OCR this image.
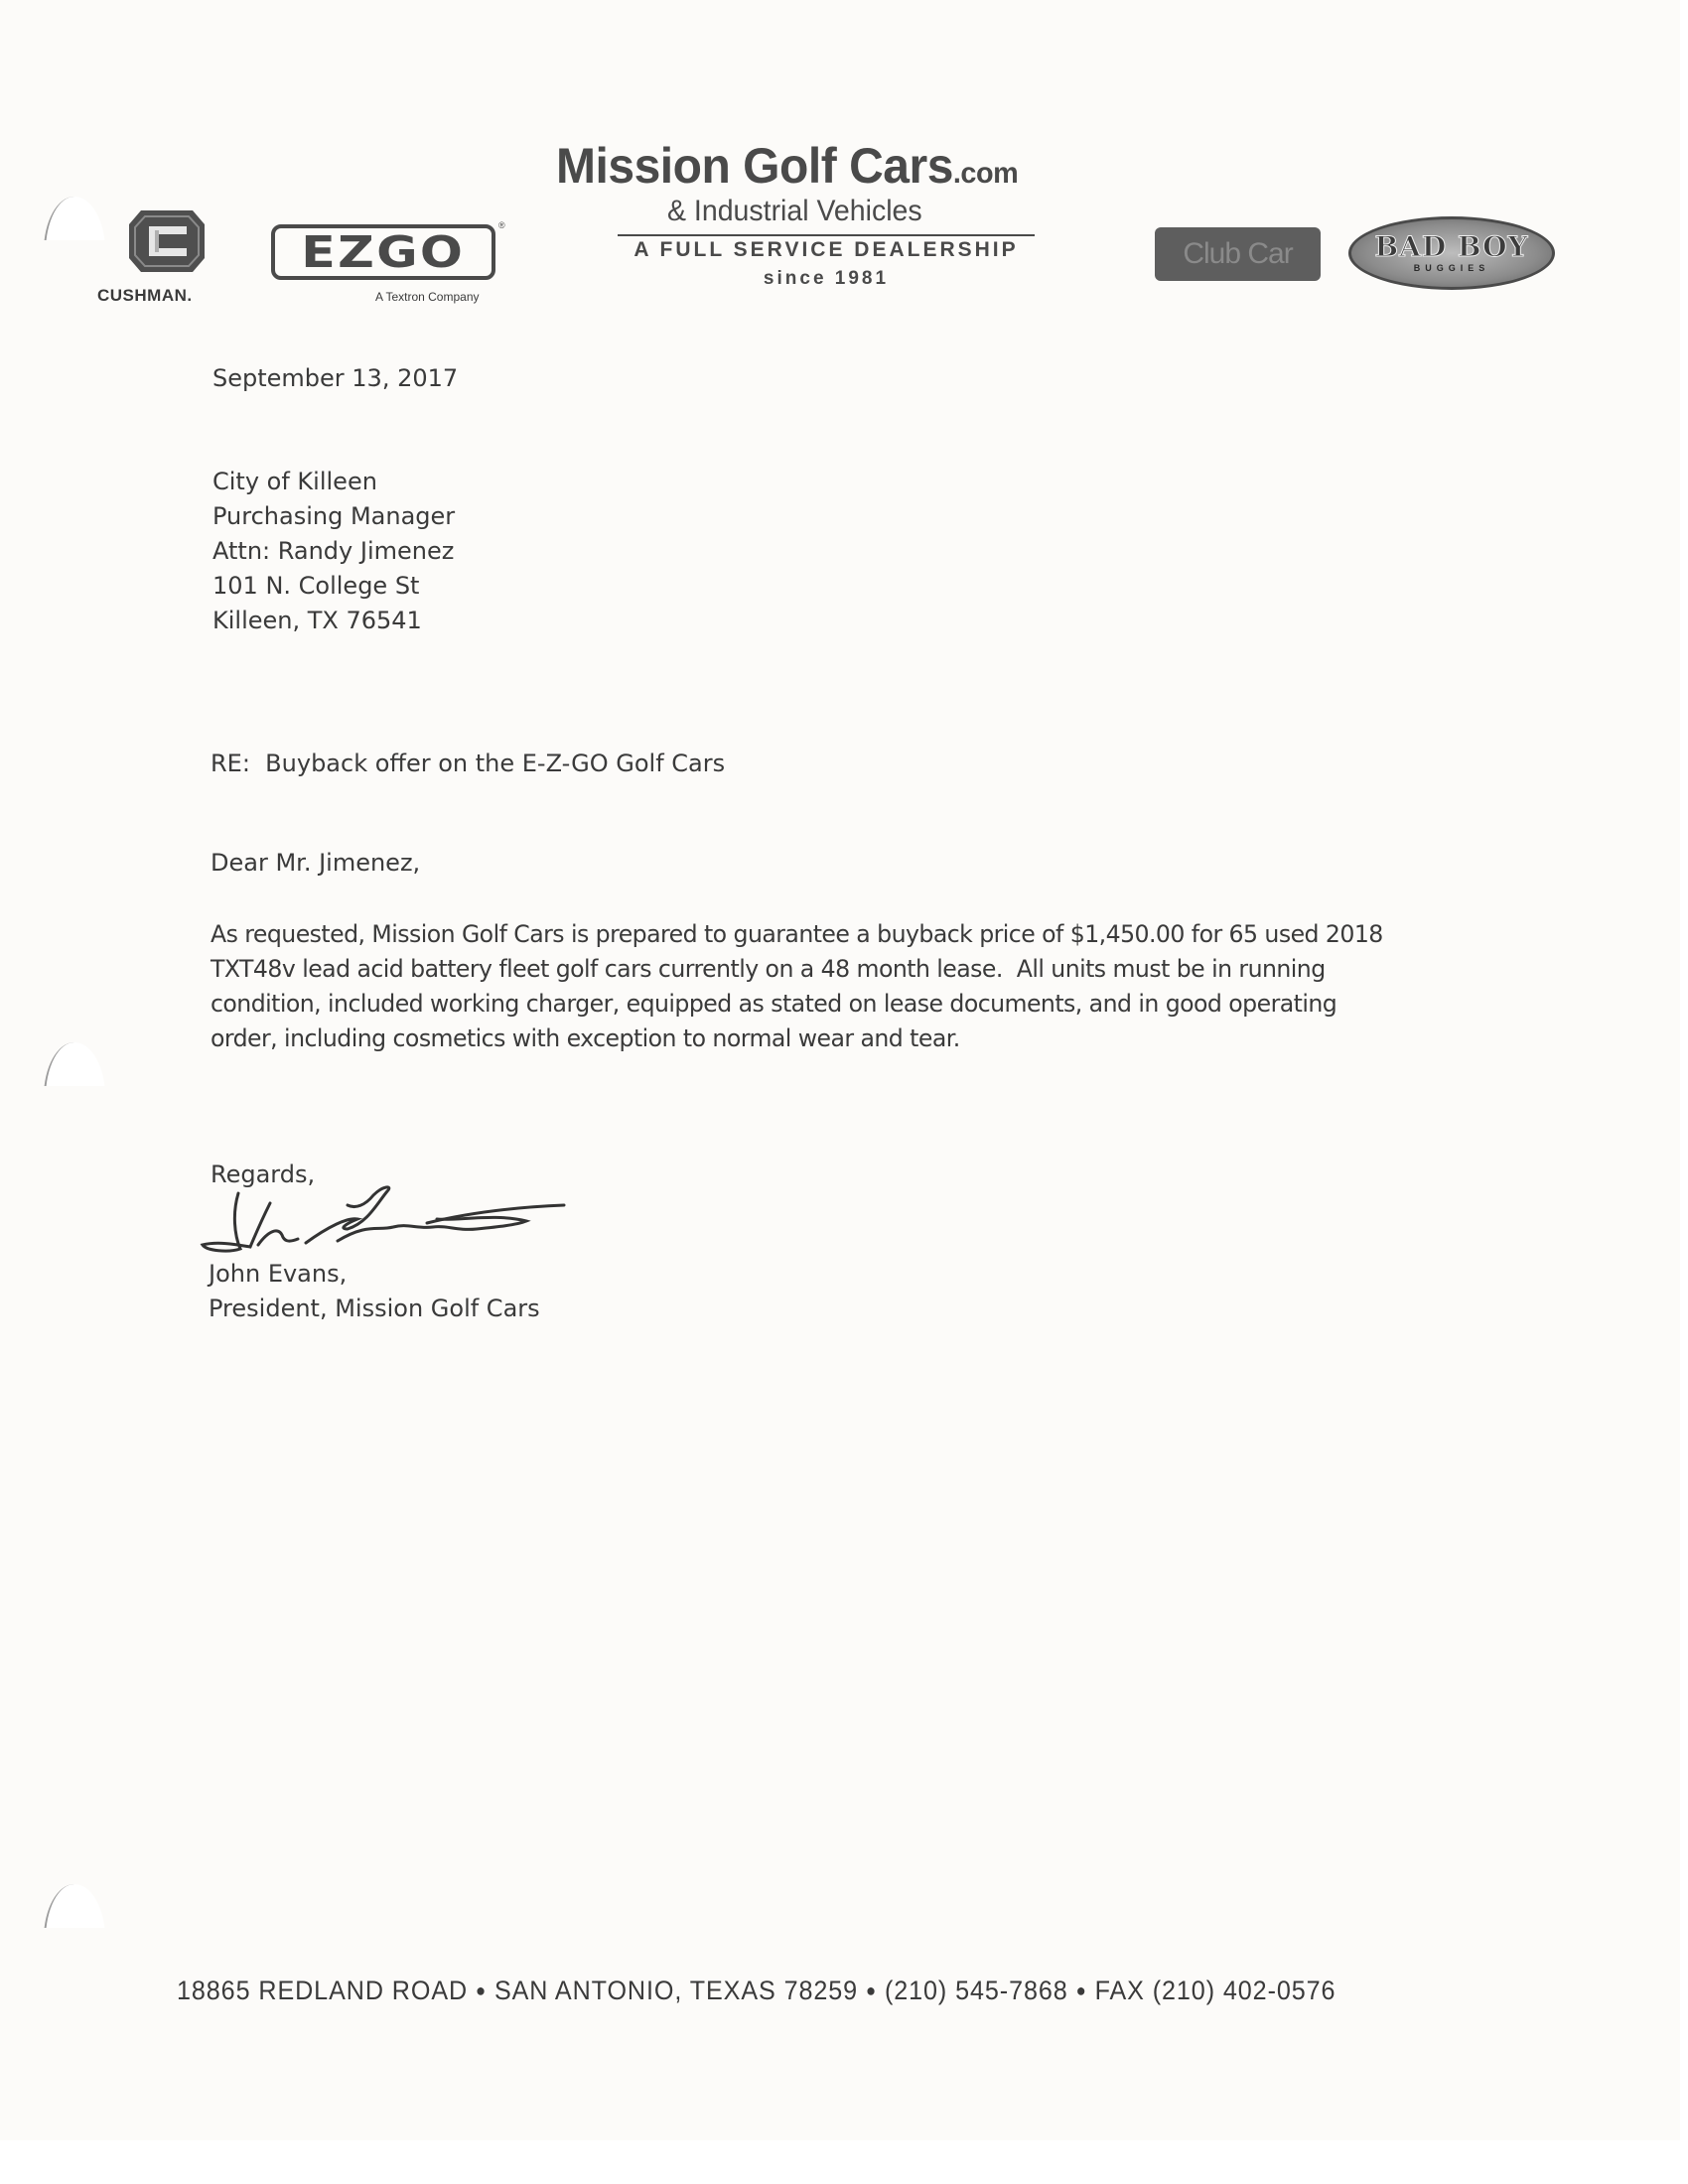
Mission Golf Cars.com
& Industrial Vehicles
A FULL SERVICE DEALERSHIP
since 1981
CUSHMAN.
EZGO
®
A Textron Company
Club Car	BAD BOY
BUGGIES
September 13, 2017
City of Killeen
Purchasing Manager
Attn: Randy Jimenez
101 N. College St
Killeen, TX 76541
RE:  Buyback offer on the E-Z-GO Golf Cars
Dear Mr. Jimenez,
As requested, Mission Golf Cars is prepared to guarantee a buyback price of $1,450.00 for 65 used 2018
TXT48v lead acid battery fleet golf cars currently on a 48 month lease.  All units must be in running
condition, included working charger, equipped as stated on lease documents, and in good operating
order, including cosmetics with exception to normal wear and tear.
Regards,
John Evans,
President, Mission Golf Cars
18865 REDLAND ROAD ● SAN ANTONIO, TEXAS 78259 ● (210) 545-7868 ● FAX (210) 402-0576
